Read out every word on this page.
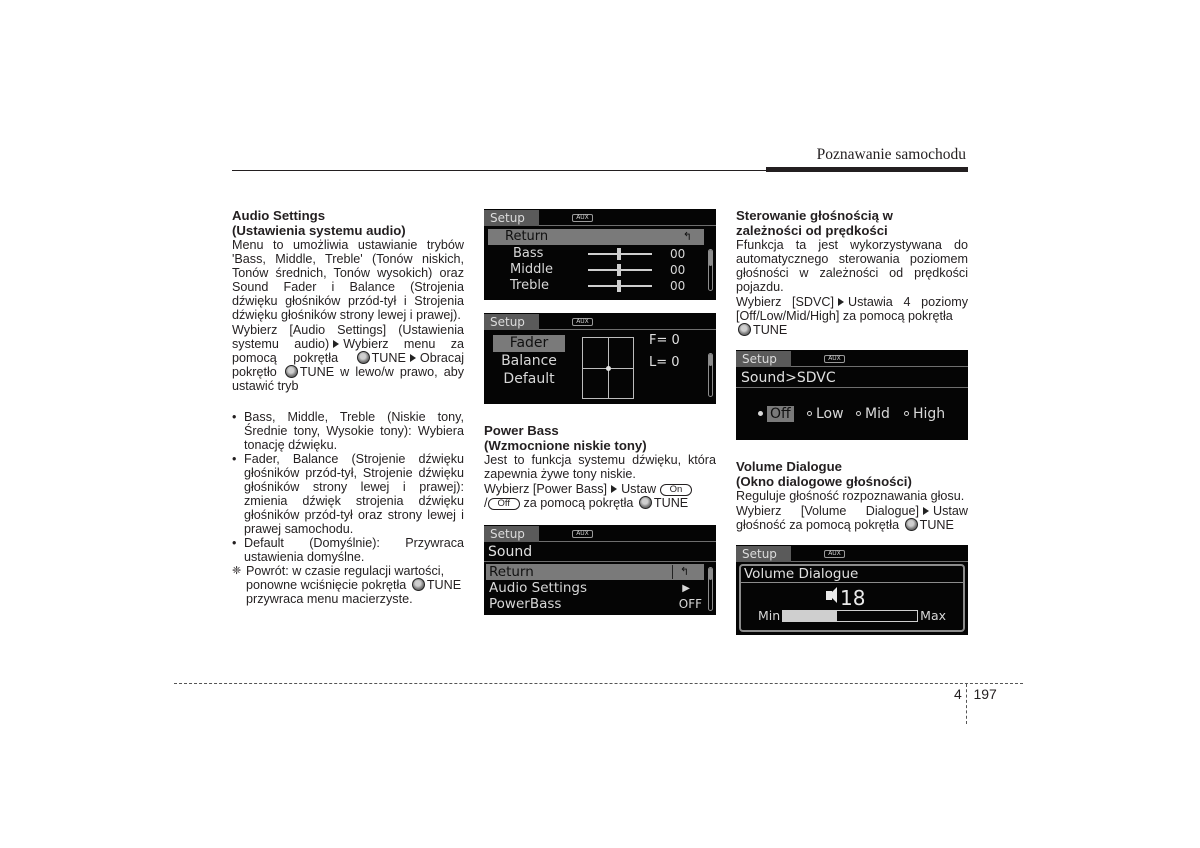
Poznawanie samochodu
Audio Settings
(Ustawienia systemu audio)
Menu to umożliwia ustawianie trybów 'Bass, Middle, Treble' (Tonów niskich, Tonów średnich, Tonów wysokich) oraz Sound Fader i Balance (Strojenia dźwięku głośników przód-tył i Strojenia dźwięku głośników strony lewej i prawej).
Wybierz [Audio Settings] (Ustawienia systemu audio) Wybierz menu za pomocą pokrętła	TUNE Obracaj pokrętło TUNE w lewo/w prawo, aby ustawić tryb
• Bass, Middle, Treble (Niskie tony, Średnie tony, Wysokie tony): Wybiera tonację dźwięku.
• Fader, Balance (Strojenie dźwięku głośników przód-tył, Strojenie dźwięku głośników strony lewej i prawej): zmienia dźwięk strojenia dźwięku głośników przód-tył oraz strony lewej i prawej samochodu.
• Default (Domyślnie): Przywraca ustawienia domyślne.
❈ Powrót: w czasie regulacji wartości, ponowne wciśnięcie pokrętła TUNE przywraca menu macierzyste.
Setup	AUX
Return	↰
Bass	00
Middle	00
Treble	00
Setup	AUX
Fader
Balance
Default
F= 0
L= 0
Power Bass
(Wzmocnione niskie tony)
Jest to funkcja systemu dźwięku, która zapewnia żywe tony niskie.
Wybierz [Power Bass] Ustaw On
/ Off za pomocą pokrętła TUNE
Setup	AUX
Sound
Return	↰
Audio Settings	▶
PowerBass	OFF
Sterowanie głośnością w
zależności od prędkości
Ffunkcja ta jest wykorzystywana do automatycznego sterowania poziomem głośności w zależności od prędkości pojazdu.
Wybierz [SDVC] Ustawia 4 poziomy [Off/Low/Mid/High] za pomocą pokrętła
TUNE
Setup	AUX
Sound>SDVC
Off	Low	Mid	High
Volume Dialogue
(Okno dialogowe głośności)
Reguluje głośność rozpoznawania głosu.
Wybierz [Volume Dialogue] Ustaw głośność za pomocą pokrętła TUNE
Setup	AUX
Volume Dialogue
18
Min	Max
4 197
